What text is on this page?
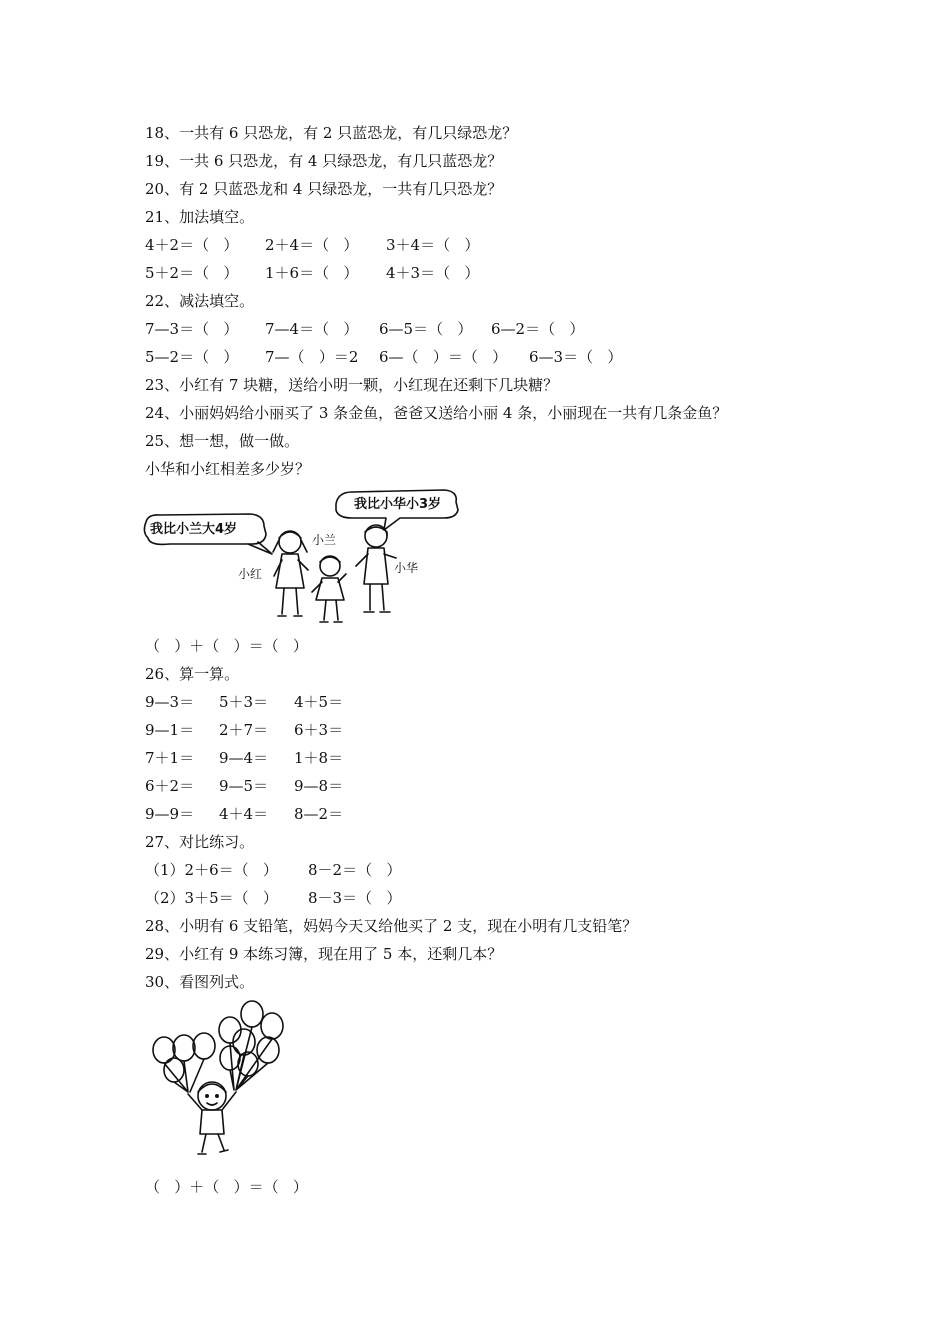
18、一共有 6 只恐龙，有 2 只蓝恐龙，有几只绿恐龙？
19、一共 6 只恐龙，有 4 只绿恐龙，有几只蓝恐龙？
20、有 2 只蓝恐龙和 4 只绿恐龙，一共有几只恐龙？
21、加法填空。
4＋2＝（   ） 2＋4＝（   ） 3＋4＝（   ）
5＋2＝（   ） 1＋6＝（   ） 4＋3＝（   ）
22、减法填空。
7—3＝（   ） 7—4＝（   ） 6—5＝（   ） 6—2＝（   ）
5—2＝（   ） 7—（   ）＝2 6—（   ）＝（   ） 6—3＝（   ）
23、小红有 7 块糖，送给小明一颗，小红现在还剩下几块糖？
24、小丽妈妈给小丽买了 3 条金鱼，爸爸又送给小丽 4 条，小丽现在一共有几条金鱼？
25、想一想，做一做。
小华和小红相差多少岁？
我比小兰大4岁
我比小华小3岁
小红
小兰
小华
（   ）＋（   ）＝（   ）
26、算一算。
9—3＝ 5＋3＝ 4＋5＝
9—1＝ 2＋7＝ 6＋3＝
7＋1＝ 9—4＝ 1＋8＝
6＋2＝ 9—5＝ 9—8＝
9—9＝ 4＋4＝ 8—2＝
27、对比练习。
（1）2＋6＝（   ） 8－2＝（   ）
（2）3＋5＝（   ） 8－3＝（   ）
28、小明有 6 支铅笔，妈妈今天又给他买了 2 支，现在小明有几支铅笔？
29、小红有 9 本练习簿，现在用了 5 本，还剩几本？
30、看图列式。
（   ）＋（   ）＝（   ）
